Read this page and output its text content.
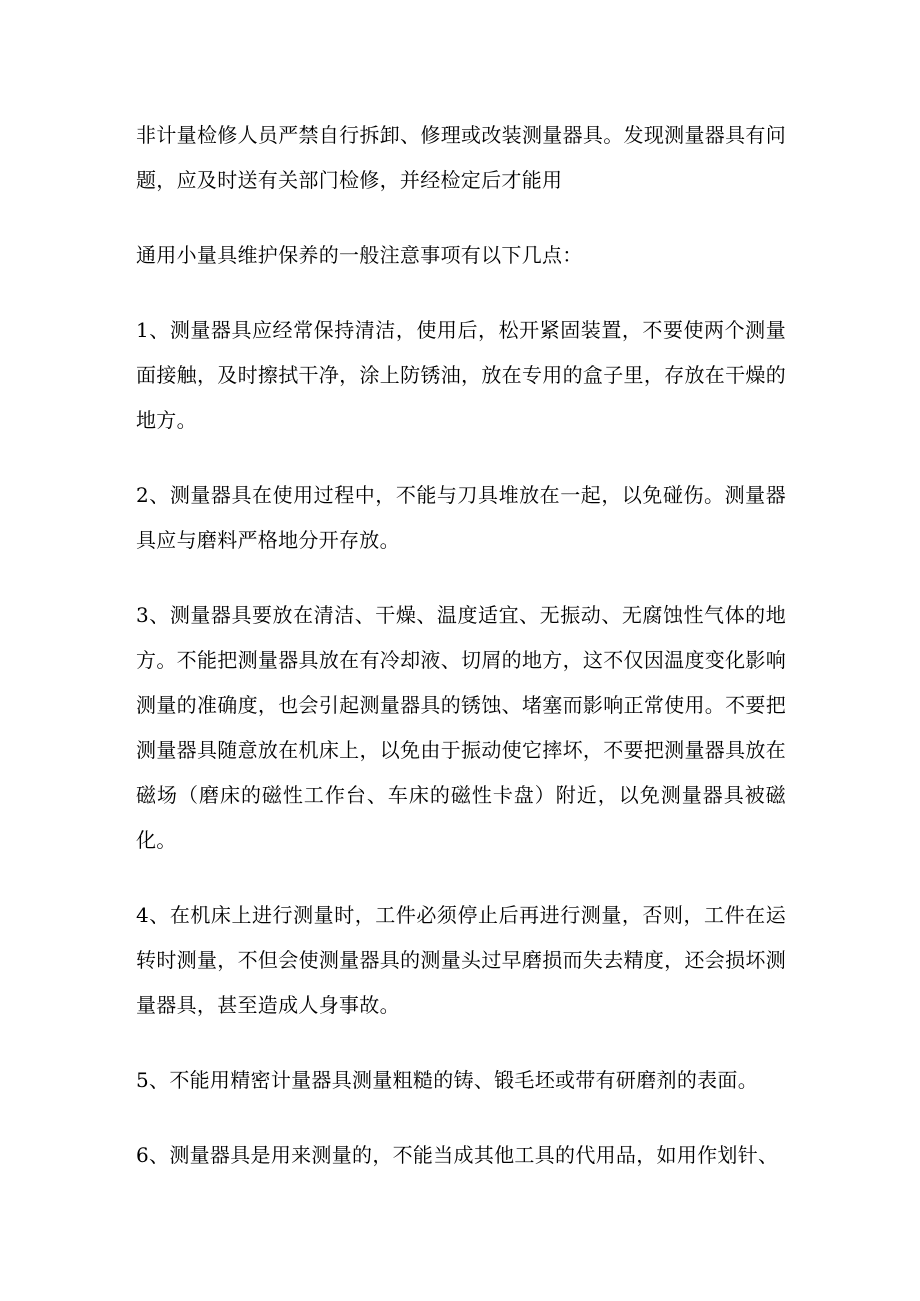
非计量检修人员严禁自行拆卸、修理或改装测量器具。发现测量器具有问题，应及时送有关部门检修，并经检定后才能用

通用小量具维护保养的一般注意事项有以下几点：

1、测量器具应经常保持清洁，使用后，松开紧固装置，不要使两个测量面接触，及时擦拭干净，涂上防锈油，放在专用的盒子里，存放在干燥的地方。

2、测量器具在使用过程中，不能与刀具堆放在一起，以免碰伤。测量器具应与磨料严格地分开存放。

3、测量器具要放在清洁、干燥、温度适宜、无振动、无腐蚀性气体的地方。不能把测量器具放在有冷却液、切屑的地方，这不仅因温度变化影响测量的准确度，也会引起测量器具的锈蚀、堵塞而影响正常使用。不要把测量器具随意放在机床上，以免由于振动使它摔坏，不要把测量器具放在磁场（磨床的磁性工作台、车床的磁性卡盘）附近，以免测量器具被磁化。

4、在机床上进行测量时，工件必须停止后再进行测量，否则，工件在运转时测量，不但会使测量器具的测量头过早磨损而失去精度，还会损坏测量器具，甚至造成人身事故。

5、不能用精密计量器具测量粗糙的铸、锻毛坯或带有研磨剂的表面。

6、测量器具是用来测量的，不能当成其他工具的代用品，如用作划针、
